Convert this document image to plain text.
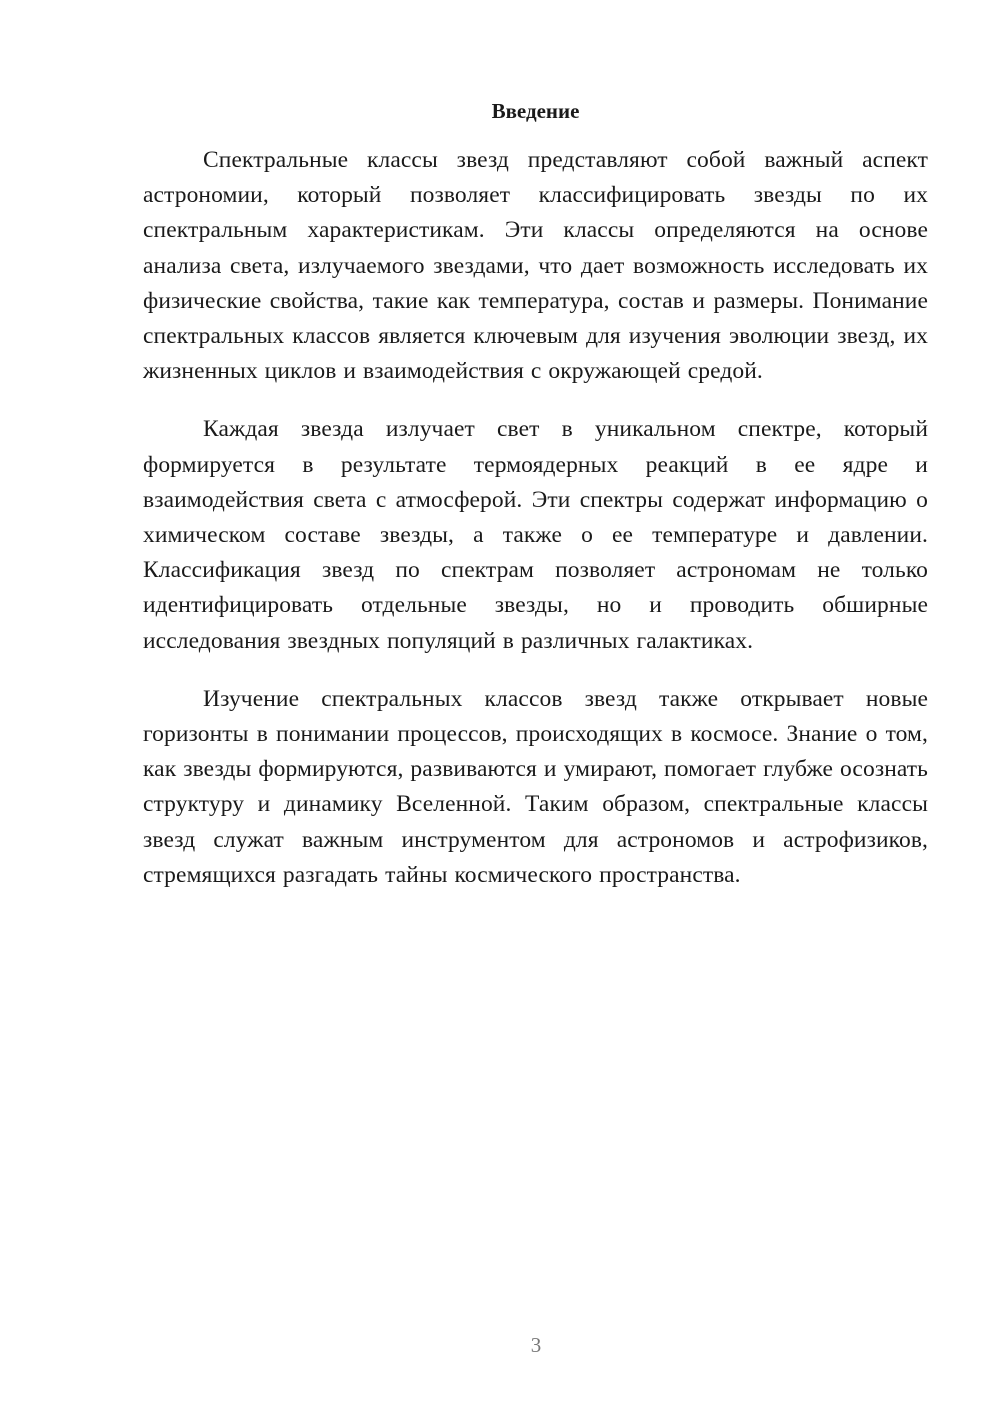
Введение

Спектральные классы звезд представляют собой важный аспект астрономии, который позволяет классифицировать звезды по их спектральным характеристикам. Эти классы определяются на основе анализа света, излучаемого звездами, что дает возможность исследовать их физические свойства, такие как температура, состав и размеры. Понимание спектральных классов является ключевым для изучения эволюции звезд, их жизненных циклов и взаимодействия с окружающей средой.

Каждая звезда излучает свет в уникальном спектре, который формируется в результате термоядерных реакций в ее ядре и взаимодействия света с атмосферой. Эти спектры содержат информацию о химическом составе звезды, а также о ее температуре и давлении. Классификация звезд по спектрам позволяет астрономам не только идентифицировать отдельные звезды, но и проводить обширные исследования звездных популяций в различных галактиках.

Изучение спектральных классов звезд также открывает новые горизонты в понимании процессов, происходящих в космосе. Знание о том, как звезды формируются, развиваются и умирают, помогает глубже осознать структуру и динамику Вселенной. Таким образом, спектральные классы звезд служат важным инструментом для астрономов и астрофизиков, стремящихся разгадать тайны космического пространства.

3
